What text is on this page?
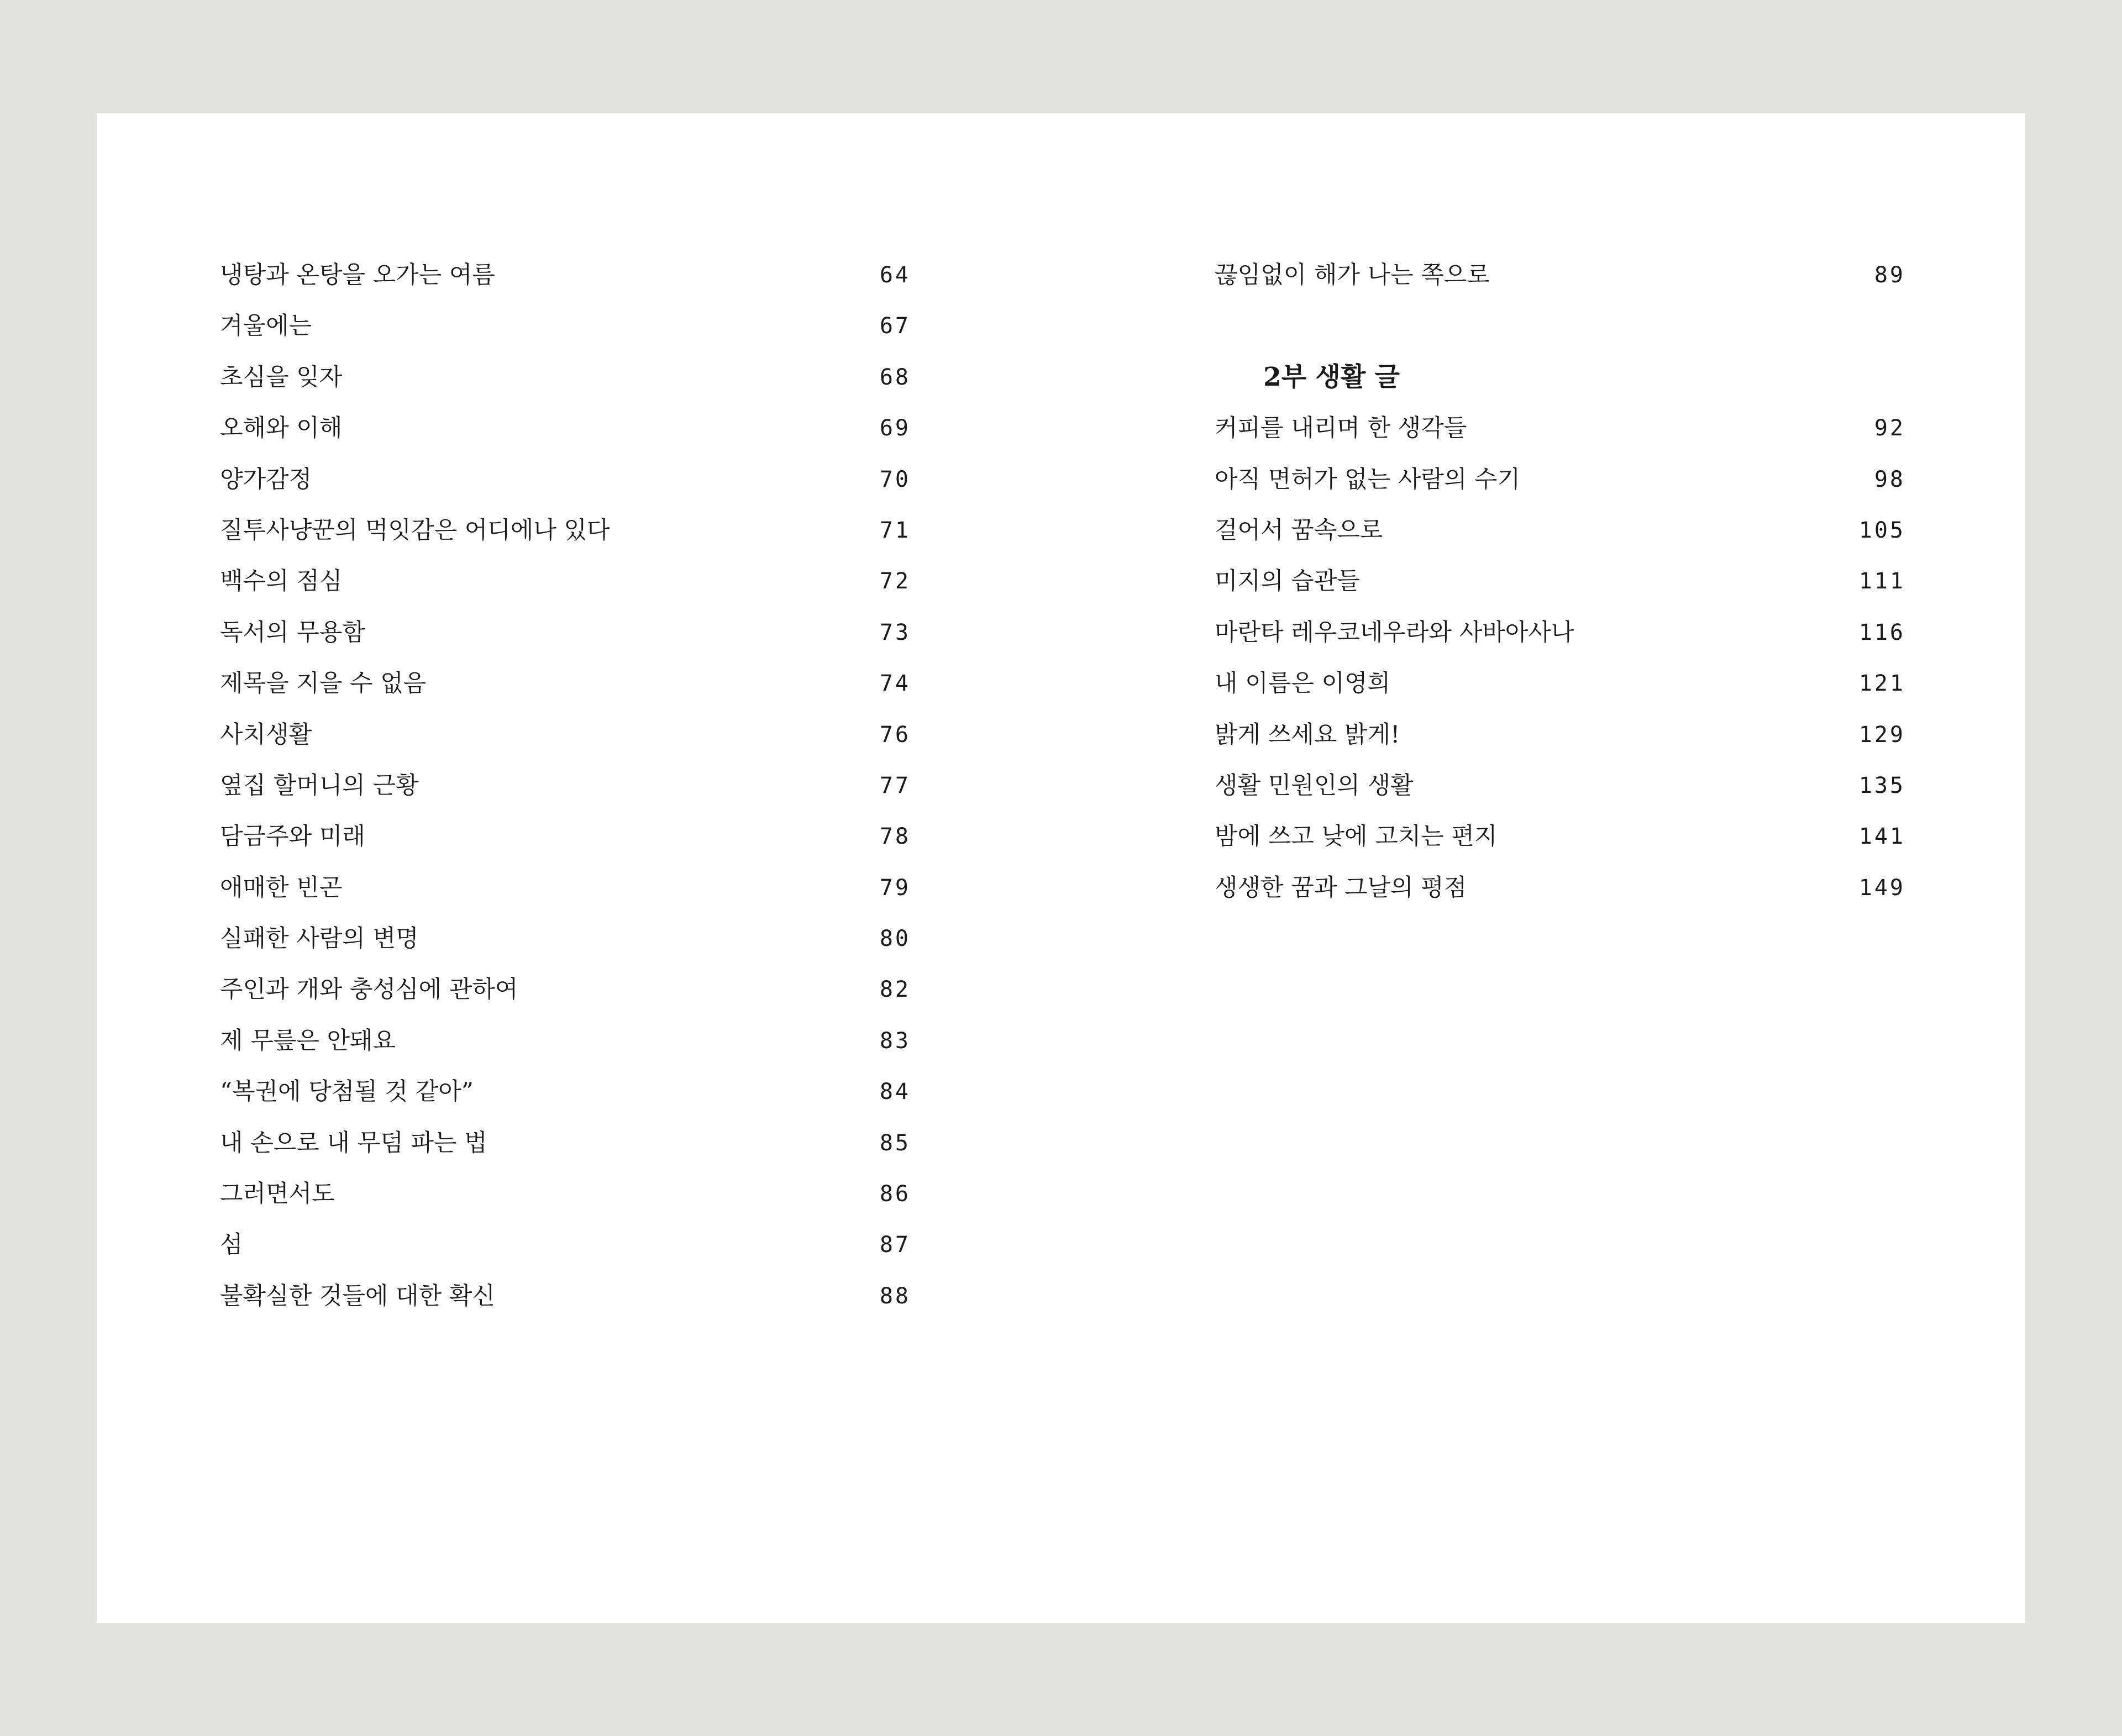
냉탕과 온탕을 오가는 여름	64
겨울에는	67
초심을 잊자	68
오해와 이해	69
양가감정	70
질투사냥꾼의 먹잇감은 어디에나 있다	71
백수의 점심	72
독서의 무용함	73
제목을 지을 수 없음	74
사치생활	76
옆집 할머니의 근황	77
담금주와 미래	78
애매한 빈곤	79
실패한 사람의 변명	80
주인과 개와 충성심에 관하여	82
제 무릎은 안돼요	83
“복권에 당첨될 것 같아”	84
내 손으로 내 무덤 파는 법	85
그러면서도	86
섬	87
불확실한 것들에 대한 확신	88
끊임없이 해가 나는 쪽으로	89
2부 생활 글
커피를 내리며 한 생각들	92
아직 면허가 없는 사람의 수기	98
걸어서 꿈속으로	105
미지의 습관들	111
마란타 레우코네우라와 사바아사나	116
내 이름은 이영희	121
밝게 쓰세요 밝게!	129
생활 민원인의 생활	135
밤에 쓰고 낮에 고치는 편지	141
생생한 꿈과 그날의 평점	149
